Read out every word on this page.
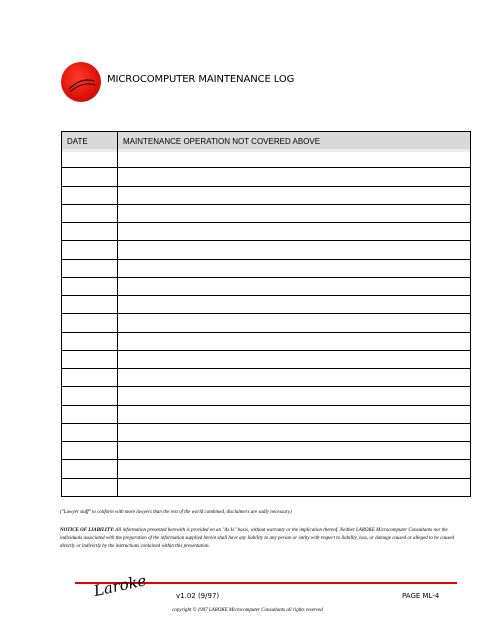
MICROCOMPUTER MAINTENANCE LOG
DATE	MAINTENANCE OPERATION NOT COVERED ABOVE
("Lawyer stuff" to conform with more lawyers than the rest of the world combined, disclaimers are sadly necessary)
NOTICE OF LIABILITY: All information presented herewith is provided on an "As Is" basis, without warranty or the implication thereof. Neither LAROKE Microcomputer Consultants nor the individuals associated with the preparation of the information supplied herein shall have any liability to any person or entity with respect to liability, loss, or damage caused or alleged to be caused directly or indirectly by the instructions contained within this presentation.
Laroke	v1.02 (9/97)	PAGE ML-4
copyright © 1997 LAROKE Microcomputer Consultants all rights reserved
